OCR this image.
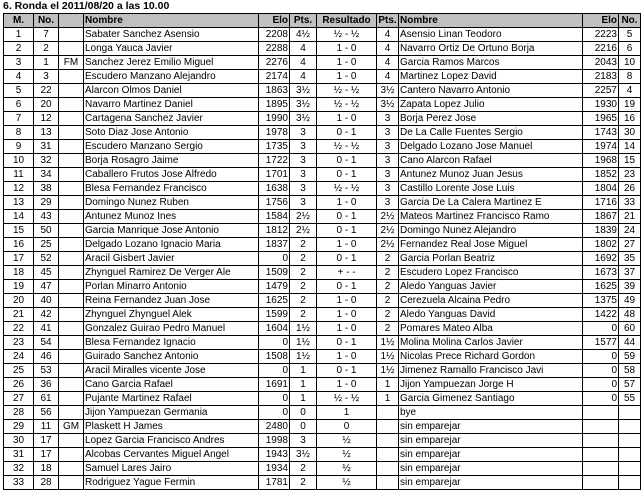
6. Ronda el 2011/08/20 a las 10.00
M.	No.		Nombre	Elo	Pts.	Resultado	Pts.	Nombre	Elo	No.
1	7		Sabater Sanchez Asensio	2208	4½	½ - ½	4	Asensio Linan Teodoro	2223	5
2	2		Longa Yauca Javier	2288	4	1 - 0	4	Navarro Ortiz De Ortuno Borja	2216	6
3	1	FM	Sanchez Jerez Emilio Miguel	2276	4	1 - 0	4	Garcia Ramos Marcos	2043	10
4	3		Escudero Manzano Alejandro	2174	4	1 - 0	4	Martinez Lopez David	2183	8
5	22		Alarcon Olmos Daniel	1863	3½	½ - ½	3½	Cantero Navarro Antonio	2257	4
6	20		Navarro Martinez Daniel	1895	3½	½ - ½	3½	Zapata Lopez Julio	1930	19
7	12		Cartagena Sanchez Javier	1990	3½	1 - 0	3	Borja Perez Jose	1965	16
8	13		Soto Diaz Jose Antonio	1978	3	0 - 1	3	De La Calle Fuentes Sergio	1743	30
9	31		Escudero Manzano Sergio	1735	3	½ - ½	3	Delgado Lozano Jose Manuel	1974	14
10	32		Borja Rosagro Jaime	1722	3	0 - 1	3	Cano Alarcon Rafael	1968	15
11	34		Caballero Frutos Jose Alfredo	1701	3	0 - 1	3	Antunez Munoz Juan Jesus	1852	23
12	38		Blesa Fernandez Francisco	1638	3	½ - ½	3	Castillo Lorente Jose Luis	1804	26
13	29		Domingo Nunez Ruben	1756	3	1 - 0	3	Garcia De La Calera Martinez E	1716	33
14	43		Antunez Munoz Ines	1584	2½	0 - 1	2½	Mateos Martinez Francisco Ramo	1867	21
15	50		Garcia Manrique Jose Antonio	1812	2½	0 - 1	2½	Domingo Nunez Alejandro	1839	24
16	25		Delgado Lozano Ignacio Maria	1837	2	1 - 0	2½	Fernandez Real Jose Miguel	1802	27
17	52		Aracil Gisbert Javier	0	2	0 - 1	2	Garcia Porlan Beatriz	1692	35
18	45		Zhynguel Ramirez De Verger Ale	1509	2	+ - -	2	Escudero Lopez Francisco	1673	37
19	47		Porlan Minarro Antonio	1479	2	0 - 1	2	Aledo Yanguas Javier	1625	39
20	40		Reina Fernandez Juan Jose	1625	2	1 - 0	2	Cerezuela Alcaina Pedro	1375	49
21	42		Zhynguel Zhynguel Alek	1599	2	1 - 0	2	Aledo Yanguas David	1422	48
22	41		Gonzalez Guirao Pedro Manuel	1604	1½	1 - 0	2	Pomares Mateo Alba	0	60
23	54		Blesa Fernandez Ignacio	0	1½	0 - 1	1½	Molina Molina Carlos Javier	1577	44
24	46		Guirado Sanchez Antonio	1508	1½	1 - 0	1½	Nicolas Prece Richard Gordon	0	59
25	53		Aracil Miralles vicente Jose	0	1	0 - 1	1½	Jimenez Ramallo Francisco Javi	0	58
26	36		Cano Garcia Rafael	1691	1	1 - 0	1	Jijon Yampuezan Jorge H	0	57
27	61		Pujante Martinez Rafael	0	1	½ - ½	1	Garcia Gimenez Santiago	0	55
28	56		Jijon Yampuezan Germania	0	0	1		bye		
29	11	GM	Plaskett H James	2480	0	0		sin emparejar		
30	17		Lopez Garcia Francisco Andres	1998	3	½		sin emparejar		
31	17		Alcobas Cervantes Miguel Angel	1943	3½	½		sin emparejar		
32	18		Samuel Lares Jairo	1934	2	½		sin emparejar		
33	28		Rodriguez Yague Fermin	1781	2	½		sin emparejar		
